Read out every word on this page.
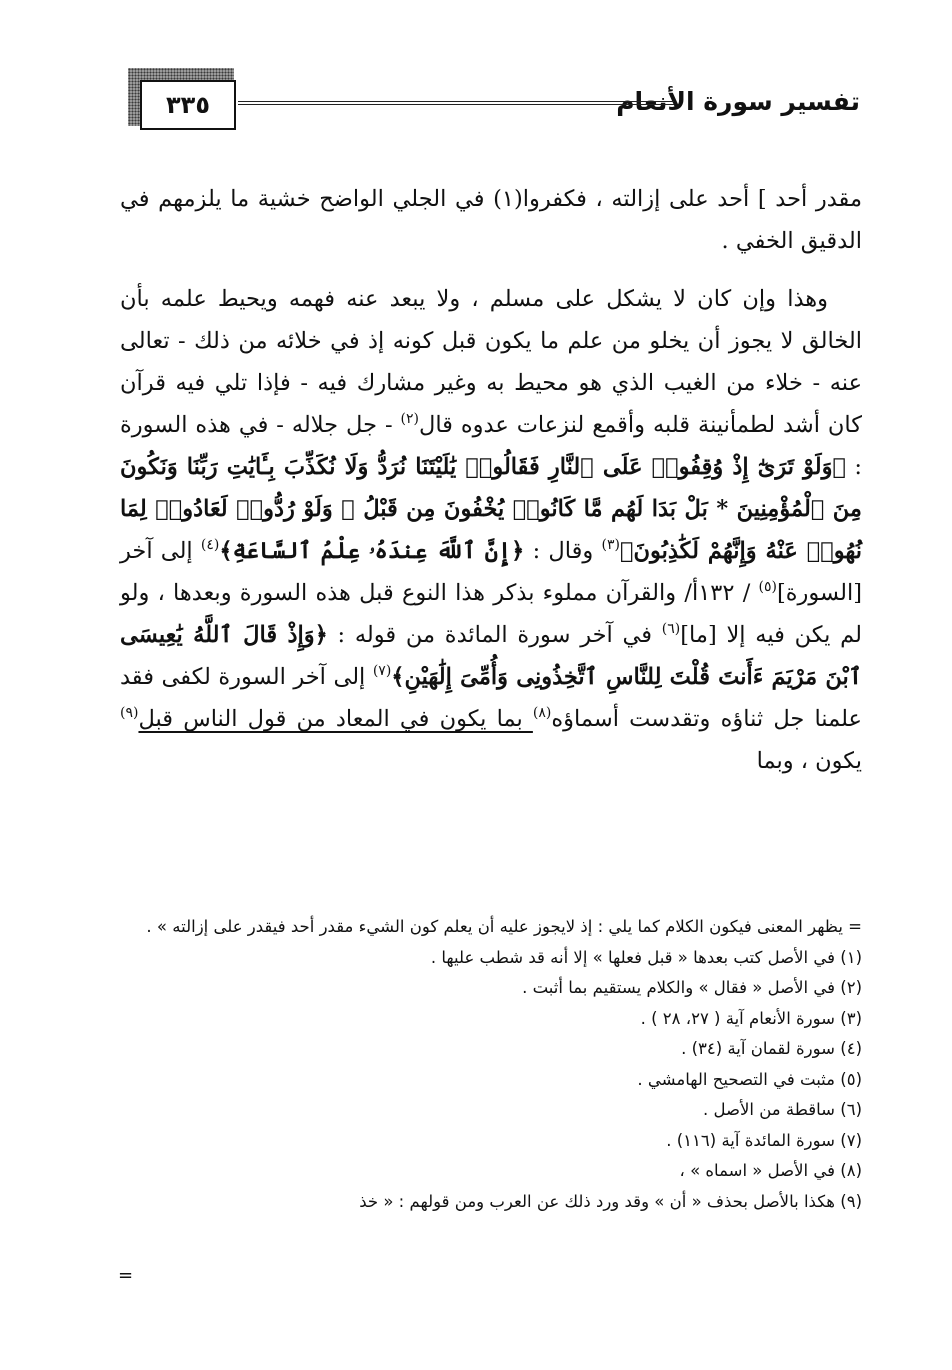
تفسير سورة الأنعام
٣٣٥

مقدر أحد ] أحد على إزالته ، فكفروا(١) في الجلي الواضح خشية ما يلزمهم في الدقيق الخفي .

وهذا وإن كان لا يشكل على مسلم ، ولا يبعد عنه فهمه ويحيط علمه بأن الخالق لا يجوز أن يخلو من علم ما يكون قبل كونه إذ في خلائه من ذلك - تعالى عنه - خلاء من الغيب الذي هو محيط به وغير مشارك فيه - فإذا تلي فيه قرآن كان أشد لطمأنينة قلبه وأقمع لنزعات عدوه قال$^{(٢)}$ - جل جلاله - في هذه السورة : ﴿وَلَوْ تَرَىٰٓ إِذْ وُقِفُوا۟ عَلَى ٱلنَّارِ فَقَالُوا۟ يَٰلَيْتَنَا نُرَدُّ وَلَا نُكَذِّبَ بِـَٔايَٰتِ رَبِّنَا وَنَكُونَ مِنَ ٱلْمُؤْمِنِينَ * بَلْ بَدَا لَهُم مَّا كَانُوا۟ يُخْفُونَ مِن قَبْلُ ۖ وَلَوْ رُدُّوا۟ لَعَادُوا۟ لِمَا نُهُوا۟ عَنْهُ وَإِنَّهُمْ لَكَٰذِبُونَ﴾$^{(٣)}$ وقال : ﴿إِنَّ ٱللَّهَ عِندَهُۥ عِلْمُ ٱلسَّاعَةِ﴾$^{(٤)}$ إلى آخر [السورة]$^{(٥)}$ / ١٣٢أ/ والقرآن مملوء بذكر هذا النوع قبل هذه السورة وبعدها ، ولو لم يكن فيه إلا [ما]$^{(٦)}$ في آخر سورة المائدة من قوله : ﴿وَإِذْ قَالَ ٱللَّهُ يَٰعِيسَى ٱبْنَ مَرْيَمَ ءَأَنتَ قُلْتَ لِلنَّاسِ ٱتَّخِذُونِى وَأُمِّىَ إِلَٰهَيْنِ﴾$^{(٧)}$ إلى آخر السورة لكفى فقد علمنا جل ثناؤه وتقدست أسماؤه$^{(٨)}$ بما يكون في المعاد من قول الناس قبل$^{(٩)}$ يكون ، وبما

= يظهر المعنى فيكون الكلام كما يلي : إذ لايجوز عليه أن يعلم كون الشيء مقدر أحد فيقدر على إزالته » .
(١) في الأصل كتب بعدها « قبل فعلها » إلا أنه قد شطب عليها .
(٢) في الأصل « فقال » والكلام يستقيم بما أثبت .
(٣) سورة الأنعام آية ( ٢٧، ٢٨ ) .
(٤) سورة لقمان آية (٣٤) .
(٥) مثبت في التصحيح الهامشي .
(٦) ساقطة من الأصل .
(٧) سورة المائدة آية (١١٦) .
(٨) في الأصل « اسماه » ،
(٩) هكذا بالأصل بحذف « أن » وقد ورد ذلك عن العرب ومن قولهم : « خذ
=
